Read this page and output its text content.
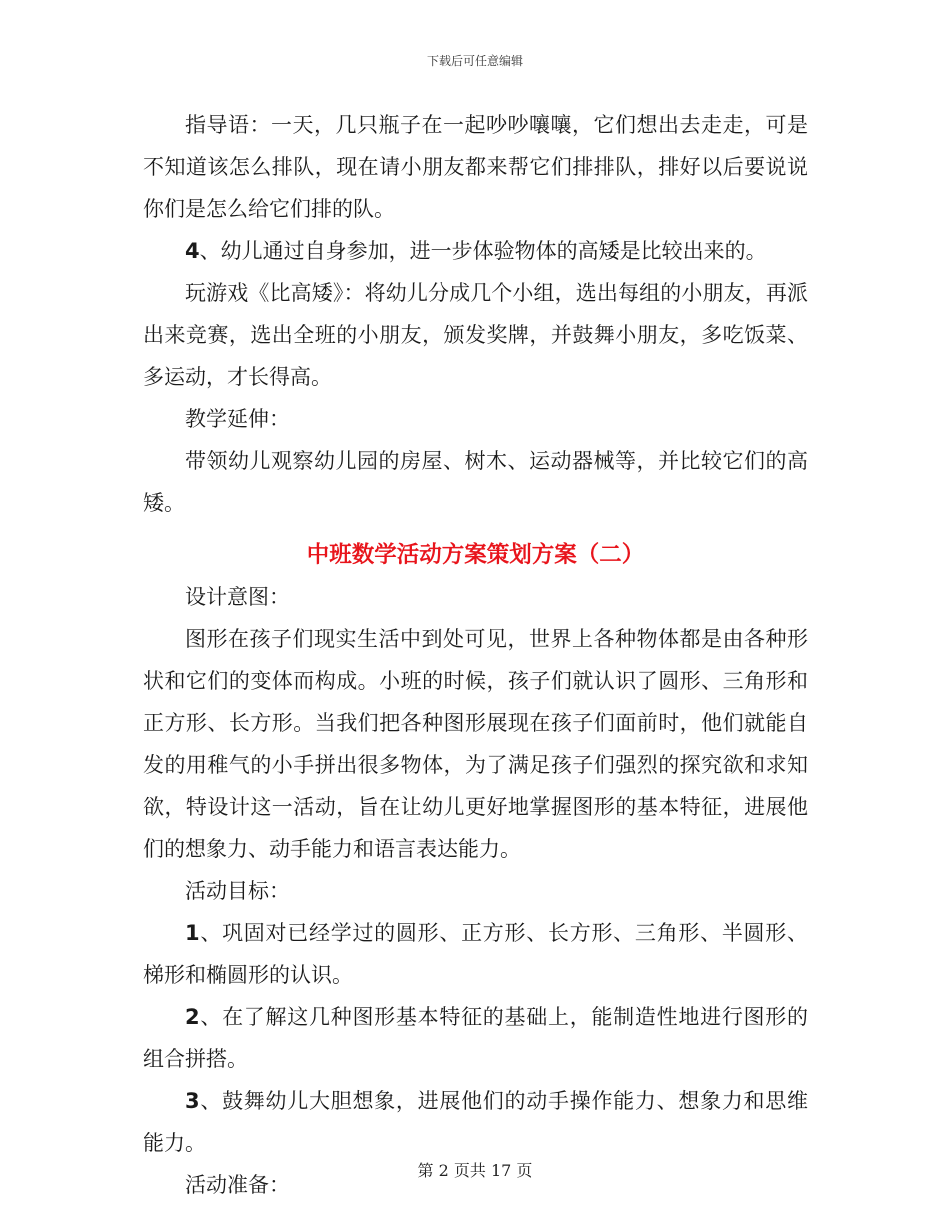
下载后可任意编辑

指导语：一天，几只瓶子在一起吵吵嚷嚷，它们想出去走走，可是不知道该怎么排队，现在请小朋友都来帮它们排排队，排好以后要说说你们是怎么给它们排的队。

4、幼儿通过自身参加，进一步体验物体的高矮是比较出来的。

玩游戏《比高矮》：将幼儿分成几个小组，选出每组的小朋友，再派出来竞赛，选出全班的小朋友，颁发奖牌，并鼓舞小朋友，多吃饭菜、多运动，才长得高。

教学延伸：

带领幼儿观察幼儿园的房屋、树木、运动器械等，并比较它们的高矮。

中班数学活动方案策划方案（二）

设计意图：

图形在孩子们现实生活中到处可见，世界上各种物体都是由各种形状和它们的变体而构成。小班的时候，孩子们就认识了圆形、三角形和正方形、长方形。当我们把各种图形展现在孩子们面前时，他们就能自发的用稚气的小手拼出很多物体，为了满足孩子们强烈的探究欲和求知欲，特设计这一活动，旨在让幼儿更好地掌握图形的基本特征，进展他们的想象力、动手能力和语言表达能力。

活动目标：

1、巩固对已经学过的圆形、正方形、长方形、三角形、半圆形、梯形和椭圆形的认识。

2、在了解这几种图形基本特征的基础上，能制造性地进行图形的组合拼搭。

3、鼓舞幼儿大胆想象，进展他们的动手操作能力、想象力和思维能力。

活动准备：

第 2 页共 17 页
